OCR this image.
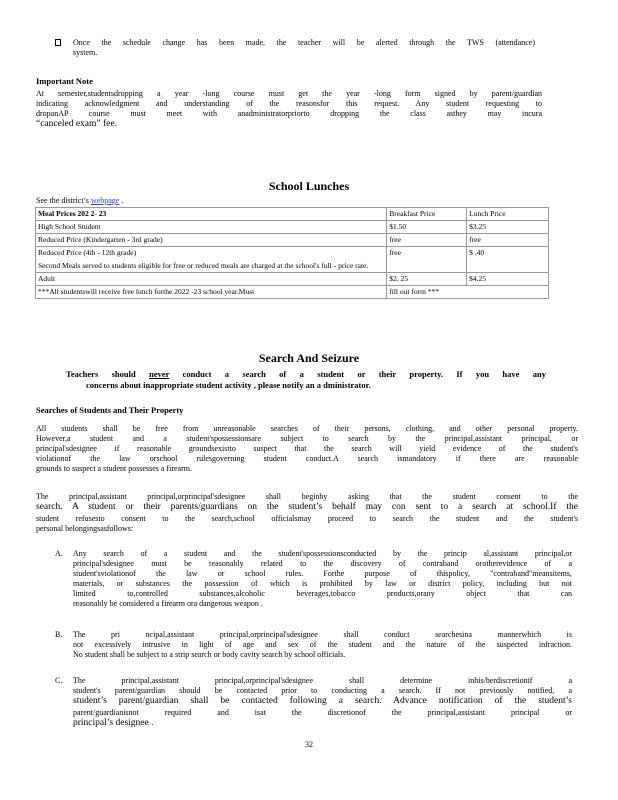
Once the schedule change has been made, the teacher will be alerted through the TWS (attendance)

system.

Important Note

At semester,studentsdropping a year -long course must get the year -long form signed by parent/guardian

indicating acknowledgment and understanding of the reasonsfor this request. Any student requesting to

dropanAP course must meet with anadministratorpriorto dropping the class asthey may incura

“canceled exam” fee.

School Lunches
See the district’s webpage .
Meal Prices 202 2- 23	Breakfast Price	Lunch Price
High School Student	$1.50	$3.25
Reduced Price (Kindergarten - 3rd grade)	free	free

Reduced Price (4th - 12th grade)
Second Meals served to students eligible for free or reduced meals are charged at the school's full - price rate.	free	$ .40
Adult	$2. 25	$4.25
***All studentswill receive free lunch forthe 2022 -23 school year.Must	fill out form ***	
Search And Seizure

Teachers should never conduct a search of a student or their property. If you have any

concerns about inappropriate student activity , please notify an a dministrator.

Searches of Students and Their Property

All students shall be free from unreasonable searches of their persons, clothing, and other personal property.

However,a student and a student'spossessionsare subject to search by the principal,assistant principal, or

principal'sdesignee if reasonable groundsexistto suspect that the search will yield evidence of the student's

violationof the law orschool rulesgoverning student conduct.A search ismandatory if there are reasonable

grounds to suspect a student possesses a firearm.

The principal,assistant principal,orprincipal'sdesignee shall beginby asking that the student consent to the

search. A student or their parents/guardians on the student’s behalf may con sent to a search at school.If the

student refusesto consent to the search,school officialsmay proceed to search the student and the student's

personal belongingsasfollows:

A. Any search of a student and the student'spossessionsconducted by the princip al,assistant principal,or

principal'sdesignee must be reasonably related to the discovery of contraband orotherevidence of a

student'sviolationof the law or school rules. Forthe purpose of thispolicy, "contraband"meansitems,

materials, or substances the possession of which is prohibited by law or district policy, including but not

limited to,controlled substances,alcoholic beverages,tobacco products,orany object that can

reasonably be considered a firearm ora dangerous weapon .

B. The pri ncipal,assistant principal,orprincipal'sdesignee shall conduct searchesina mannerwhich is

not excessively intrusive in light of age and sex of the student and the nature of the suspected infraction.

No student shall be subject to a strip search or body cavity search by school officials.

C. The principal,assistant principal,orprincipal'sdesignee shall determine inhis/herdiscretionif a

student's parent/guardian should be contacted prior to conducting a search. If not previously notified, a

student’s parent/guardian shall be contacted following a search. Advance notification of the student’s

parent/guardianisnot required and isat the discretionof the principal,assistant principal or

principal’s designee .

32
